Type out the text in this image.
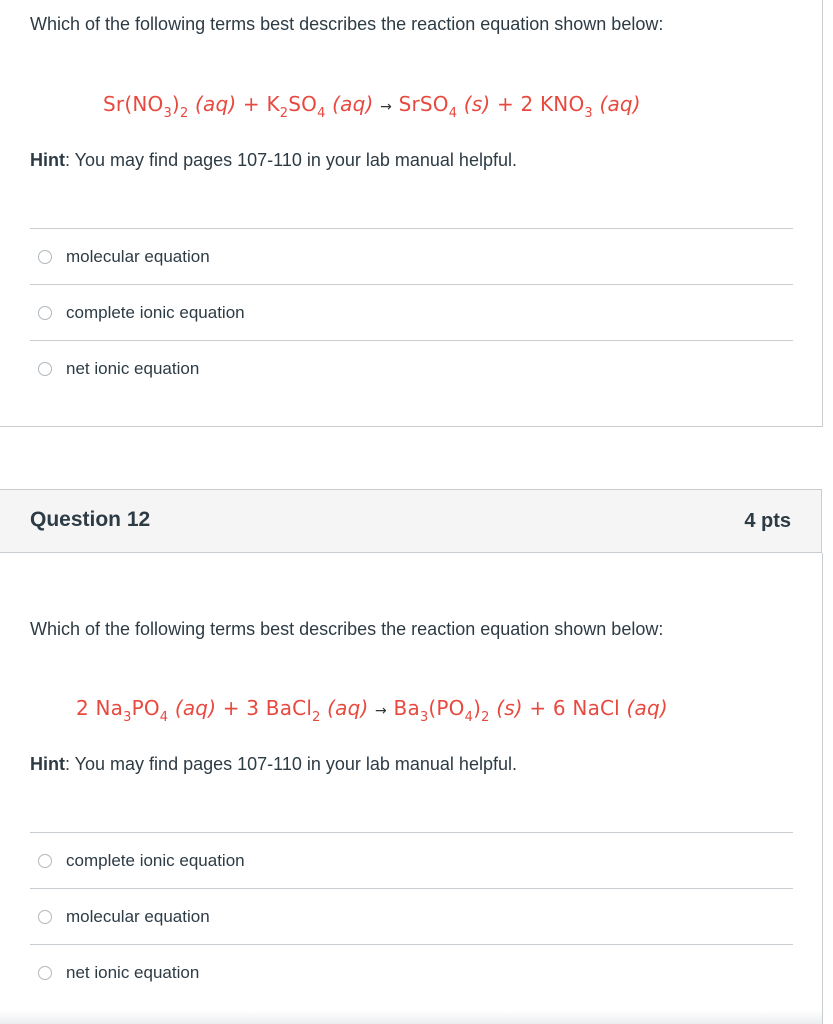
Which of the following terms best describes the reaction equation shown below:
$Sr(NO_3)_2$ $(aq) + K_2SO_4$ (aq) → SrSO$_4$ (s) + 2 $KNO_3$ (aq)
Hint: You may find pages 107-110 in your lab manual helpful.
molecular equation
complete ionic equation
net ionic equation
Question 12	4 pts
Which of the following terms best describes the reaction equation shown below:
2 $Na_3PO_4$ (aq) + 3 BaCl$_2$ $(aq) \to Ba_3(PO_4)_2$ (s) + 6 NaCl (aq)
Hint: You may find pages 107-110 in your lab manual helpful.
complete ionic equation
molecular equation
net ionic equation
